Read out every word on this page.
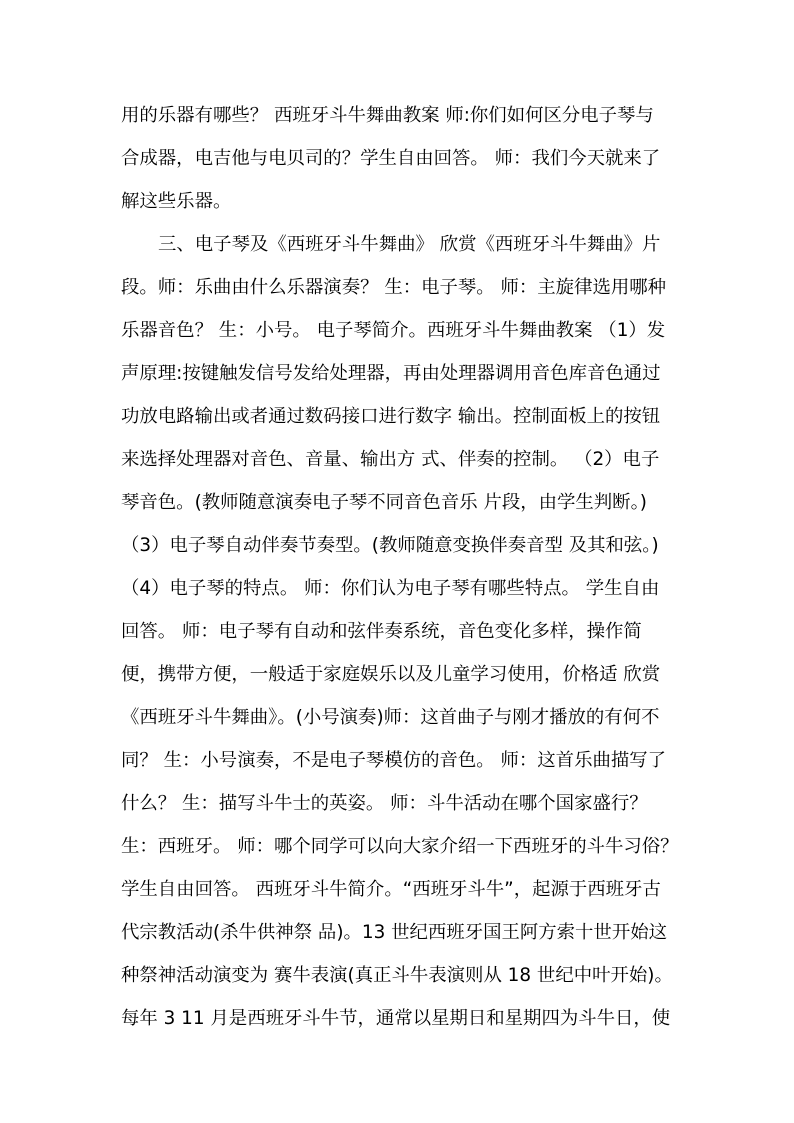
用的乐器有哪些？ 西班牙斗牛舞曲教案 师:你们如何区分电子琴与
合成器，电吉他与电贝司的？学生自由回答。 师：我们今天就来了
解这些乐器。
三、电子琴及《西班牙斗牛舞曲》 欣赏《西班牙斗牛舞曲》片
段。师：乐曲由什么乐器演奏？ 生：电子琴。 师：主旋律选用哪种
乐器音色？ 生：小号。 电子琴简介。西班牙斗牛舞曲教案 （1）发
声原理:按键触发信号发给处理器，再由处理器调用音色库音色通过
功放电路输出或者通过数码接口进行数字 输出。控制面板上的按钮
来选择处理器对音色、音量、输出方 式、伴奏的控制。 （2）电子
琴音色。(教师随意演奏电子琴不同音色音乐 片段，由学生判断。)
（3）电子琴自动伴奏节奏型。(教师随意变换伴奏音型 及其和弦。)
（4）电子琴的特点。 师：你们认为电子琴有哪些特点。 学生自由
回答。 师：电子琴有自动和弦伴奏系统，音色变化多样，操作简
便，携带方便，一般适于家庭娱乐以及儿童学习使用，价格适 欣赏
《西班牙斗牛舞曲》。(小号演奏)师：这首曲子与刚才播放的有何不
同？ 生：小号演奏，不是电子琴模仿的音色。 师：这首乐曲描写了
什么？ 生：描写斗牛士的英姿。 师：斗牛活动在哪个国家盛行？
生：西班牙。 师：哪个同学可以向大家介绍一下西班牙的斗牛习俗？
学生自由回答。 西班牙斗牛简介。“西班牙斗牛”，起源于西班牙古
代宗教活动(杀牛供神祭 品)。13 世纪西班牙国王阿方索十世开始这
种祭神活动演变为 赛牛表演(真正斗牛表演则从 18 世纪中叶开始)。
每年 3 11 月是西班牙斗牛节，通常以星期日和星期四为斗牛日，使
